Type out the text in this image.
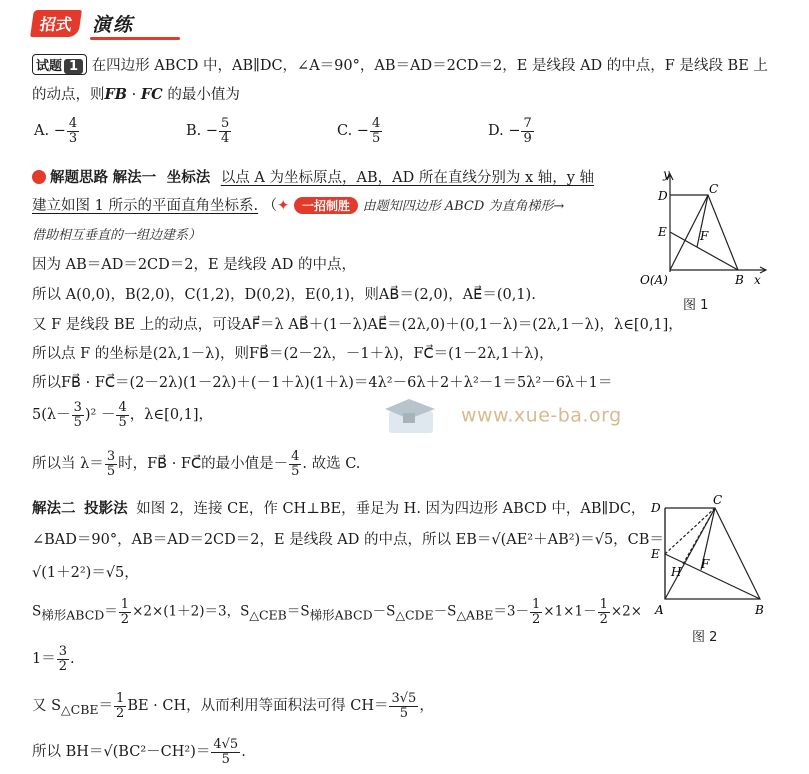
招式 演练
试题 1 在四边形 ABCD 中，AB∥DC，∠A＝90°，AB＝AD＝2CD＝2，E 是线段 AD 的中点，F 是线段 BE 上
的动点，则FB · FC 的最小值为
A. − $\frac{4}{3}$	B. − $\frac{5}{4}$	C. − $\frac{4}{5}$	D. − $\frac{7}{9}$
解题思路 解法一 坐标法 以点 A 为坐标原点，AB，AD 所在直线分别为 x 轴，y 轴
建立如图 1 所示的平面直角坐标系. （✦ 一招制胜 由题知四边形 ABCD 为直角梯形→
借助相互垂直的一组边建系）
因为 AB＝AD＝2CD＝2，E 是线段 AD 的中点，
所以 A(0,0)，B(2,0)，C(1,2)，D(0,2)，E(0,1)，则AB⃗＝(2,0)，AE⃗＝(0,1).
又 F 是线段 BE 上的动点，可设AF⃗＝λ AB⃗＋(1－λ)AE⃗＝(2λ,0)＋(0,1－λ)＝(2λ,1－λ)，λ∈[0,1]，
所以点 F 的坐标是(2λ,1－λ)，则FB⃗＝(2－2λ，－1＋λ)，FC⃗＝(1－2λ,1＋λ)，
所以FB⃗ · FC⃗＝(2－2λ)(1－2λ)＋(－1＋λ)(1＋λ)＝4λ²－6λ＋2＋λ²－1＝5λ²－6λ＋1＝
$5(\lambda- \frac{3}{5} )^2 - \frac{4}{5}$ ，λ∈[0,1]，
所以当 $\lambda= \frac{3}{5}$ 时，FB⃗ · FC⃗的最小值是－ $\frac{4}{5}$ . 故选 C.
解法二 投影法 如图 2，连接 CE，作 CH⊥BE，垂足为 H. 因为四边形 ABCD 中，AB∥DC，
∠BAD＝90°，AB＝AD＝2CD＝2，E 是线段 AD 的中点，所以 EB＝√(AE²＋AB²)＝√5，CB＝
√(1＋2²)＝√5，
$S_{梯形ABCD}= \frac{1}{2} \times 2\times(1+2)=3$，$S_{\triangle CEB}=S_{梯形ABCD}-S_{\triangle CDE}-S_{\triangle ABE}=3- \frac{1}{2} \times 1\times 1- \frac{1}{2} \times 2\times$
$1= \frac{3}{2}$ .
又 $S_{\triangle CBE}= \frac{1}{2}$ BE · CH，从而利用等面积法可得 $CH= \frac{3√5}{5}$ ，
所以 $BH=√(BC^2-CH^2)= \frac{4√5}{5}$ .
www.xue-ba.org
y
x
D	C
E	F
O(A)	B
图 1
D
C
E
H
F
A	B
图 2
